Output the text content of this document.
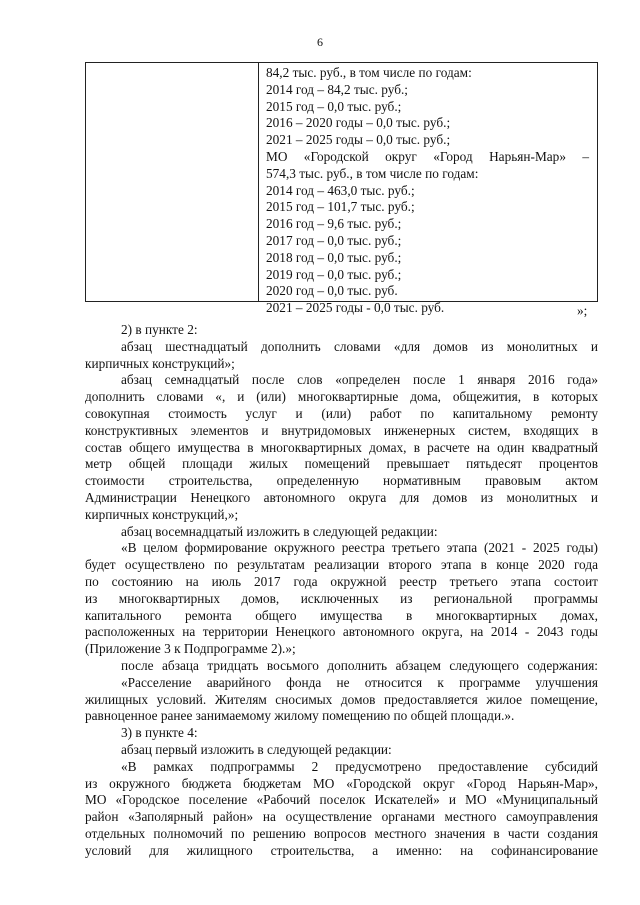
6
84,2 тыс. руб., в том числе по годам:
2014 год – 84,2 тыс. руб.;
2015 год – 0,0 тыс. руб.;
2016 – 2020 годы – 0,0 тыс. руб.;
2021 – 2025 годы – 0,0 тыс. руб.;
МО «Городской округ «Город Нарьян-Мар» –
574,3 тыс. руб., в том числе по годам:
2014 год – 463,0 тыс. руб.;
2015 год – 101,7 тыс. руб.;
2016 год – 9,6 тыс. руб.;
2017 год – 0,0 тыс. руб.;
2018 год – 0,0 тыс. руб.;
2019 год – 0,0 тыс. руб.;
2020 год – 0,0 тыс. руб.
2021 – 2025 годы - 0,0 тыс. руб.	»;
2) в пункте 2:
абзац шестнадцатый дополнить словами «для домов из монолитных и
кирпичных конструкций»;
абзац семнадцатый после слов «определен после 1 января 2016 года»
дополнить словами «, и (или) многоквартирные дома, общежития, в которых
совокупная стоимость услуг и (или) работ по капитальному ремонту
конструктивных элементов и внутридомовых инженерных систем, входящих в
состав общего имущества в многоквартирных домах, в расчете на один квадратный
метр общей площади жилых помещений превышает пятьдесят процентов
стоимости строительства, определенную нормативным правовым актом
Администрации Ненецкого автономного округа для домов из монолитных и
кирпичных конструкций,»;
абзац восемнадцатый изложить в следующей редакции:
«В целом формирование окружного реестра третьего этапа (2021 - 2025 годы)
будет осуществлено по результатам реализации второго этапа в конце 2020 года
по состоянию на июль 2017 года окружной реестр третьего этапа состоит
из многоквартирных домов, исключенных из региональной программы
капитального ремонта общего имущества в многоквартирных домах,
расположенных на территории Ненецкого автономного округа, на 2014 - 2043 годы
(Приложение 3 к Подпрограмме 2).»;
после абзаца тридцать восьмого дополнить абзацем следующего содержания:
«Расселение аварийного фонда не относится к программе улучшения
жилищных условий. Жителям сносимых домов предоставляется жилое помещение,
равноценное ранее занимаемому жилому помещению по общей площади.».
3) в пункте 4:
абзац первый изложить в следующей редакции:
«В рамках подпрограммы 2 предусмотрено предоставление субсидий
из окружного бюджета бюджетам МО «Городской округ «Город Нарьян-Мар»,
МО «Городское поселение «Рабочий поселок Искателей» и МО «Муниципальный
район «Заполярный район» на осуществление органами местного самоуправления
отдельных полномочий по решению вопросов местного значения в части создания
условий для жилищного строительства, а именно: на софинансирование
